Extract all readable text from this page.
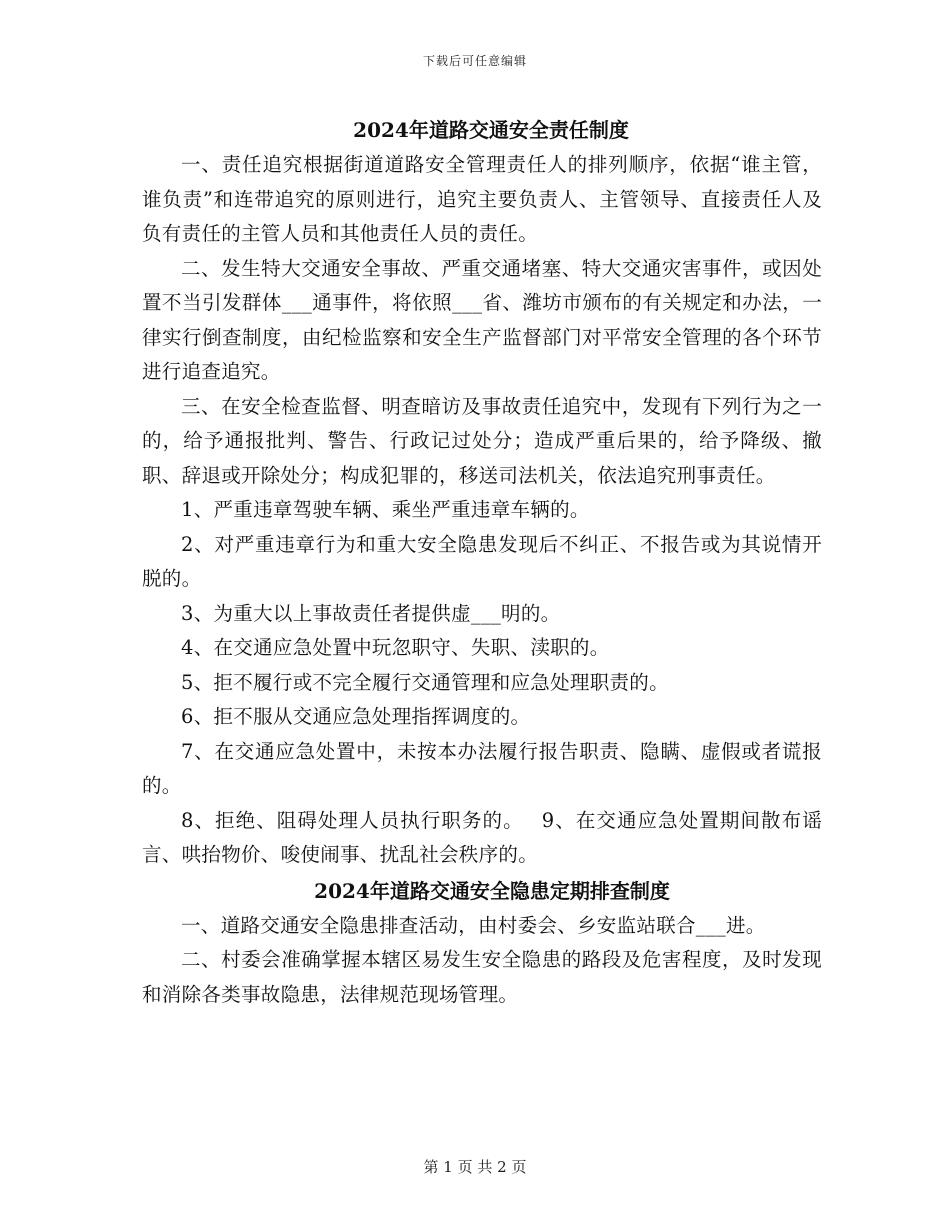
下载后可任意编辑
2024年道路交通安全责任制度

一、责任追究根据街道道路安全管理责任人的排列顺序，依据“谁主管，谁负责”和连带追究的原则进行，追究主要负责人、主管领导、直接责任人及负有责任的主管人员和其他责任人员的责任。

二、发生特大交通安全事故、严重交通堵塞、特大交通灾害事件，或因处置不当引发群体___通事件，将依照___省、潍坊市颁布的有关规定和办法，一律实行倒查制度，由纪检监察和安全生产监督部门对平常安全管理的各个环节进行追查追究。

三、在安全检查监督、明查暗访及事故责任追究中，发现有下列行为之一的，给予通报批判、警告、行政记过处分；造成严重后果的，给予降级、撤职、辞退或开除处分；构成犯罪的，移送司法机关，依法追究刑事责任。

1、严重违章驾驶车辆、乘坐严重违章车辆的。

2、对严重违章行为和重大安全隐患发现后不纠正、不报告或为其说情开脱的。

3、为重大以上事故责任者提供虚___明的。

4、在交通应急处置中玩忽职守、失职、渎职的。

5、拒不履行或不完全履行交通管理和应急处理职责的。

6、拒不服从交通应急处理指挥调度的。

7、在交通应急处置中，未按本办法履行报告职责、隐瞒、虚假或者谎报的。

8、拒绝、阻碍处理人员执行职务的。　 9、在交通应急处置期间散布谣言、哄抬物价、唆使闹事、扰乱社会秩序的。

2024年道路交通安全隐患定期排查制度

一、道路交通安全隐患排查活动，由村委会、乡安监站联合___进。

二、村委会准确掌握本辖区易发生安全隐患的路段及危害程度，及时发现和消除各类事故隐患，法律规范现场管理。

第 1 页 共 2 页
